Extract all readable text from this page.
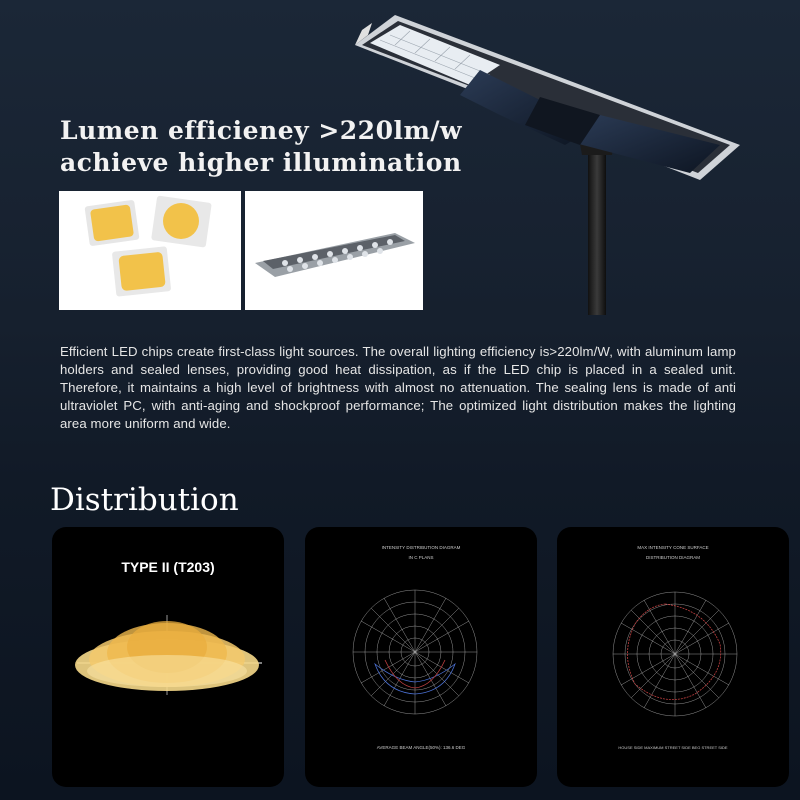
Lumen efficieney >220lm/w
achieve higher illumination

Efficient LED chips create first-class light sources. The overall lighting efficiency is>220lm/W, with aluminum lamp holders and sealed lenses, providing good heat dissipation, as if the LED chip is placed in a sealed unit. Therefore, it maintains a high level of brightness with almost no attenuation. The sealing lens is made of anti ultraviolet PC, with anti-aging and shockproof performance; The optimized light distribution makes the lighting area more uniform and wide.

Distribution
TYPE II (T203)
INTENSITY DISTRIBUTION DIAGRAM
IN C PLANS
AVERAGE BEAM ANGLE(50%): 136.6 DEG
MAX INTENSITY CONE SURFACE
DISTRIBUTION DIAGRAM
HOUSE SIDE MAXIMUM STREET SIDE BEG STREET SIDE
